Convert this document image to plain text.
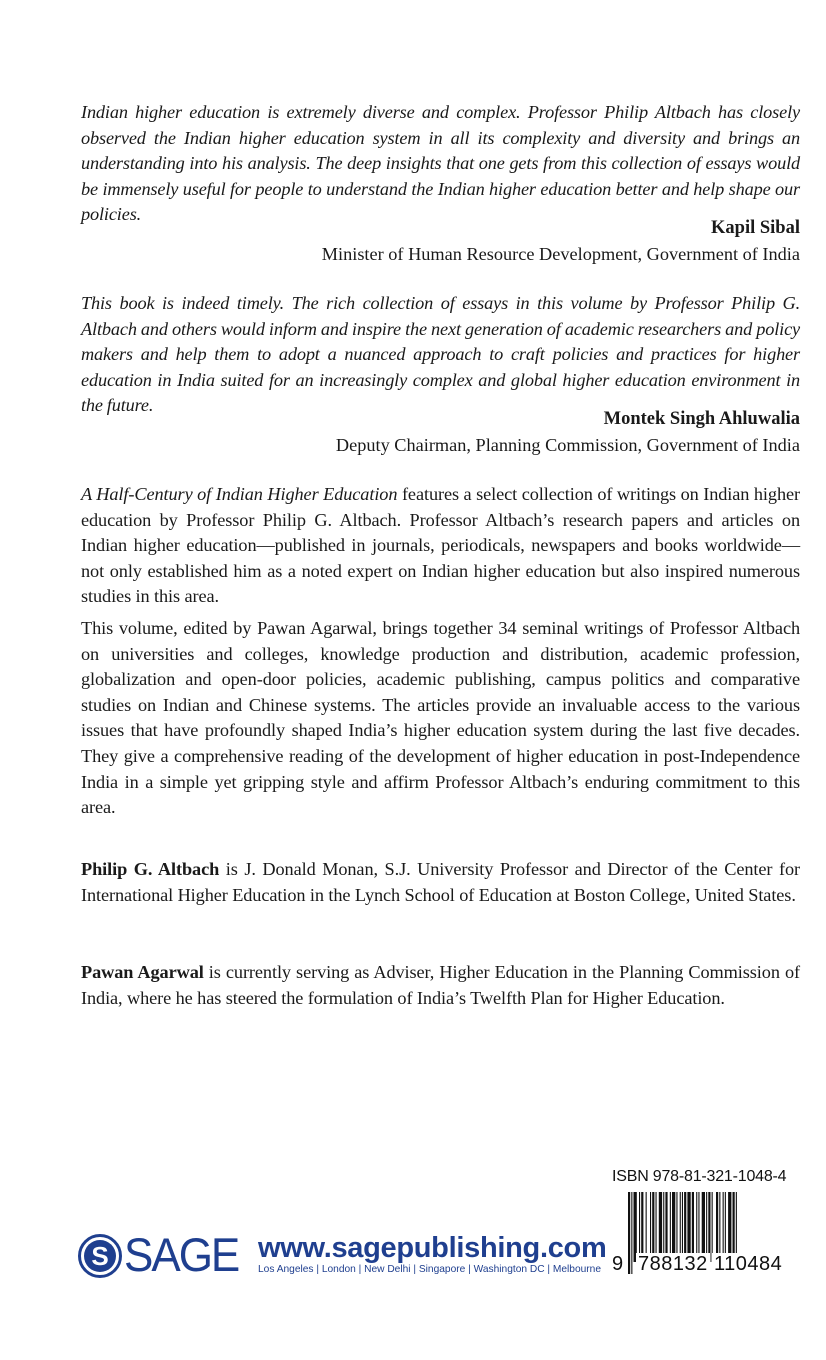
Indian higher education is extremely diverse and complex. Professor Philip Altbach has closely observed the Indian higher education system in all its complexity and diversity and brings an understanding into his analysis. The deep insights that one gets from this collection of essays would be immensely useful for people to understand the Indian higher education better and help shape our policies.

Kapil Sibal

Minister of Human Resource Development, Government of India

This book is indeed timely. The rich collection of essays in this volume by Professor Philip G. Altbach and others would inform and inspire the next generation of academic researchers and policy makers and help them to adopt a nuanced approach to craft policies and practices for higher education in India suited for an increasingly complex and global higher education environment in the future.

Montek Singh Ahluwalia

Deputy Chairman, Planning Commission, Government of India

A Half-Century of Indian Higher Education features a select collection of writings on Indian higher education by Professor Philip G. Altbach. Professor Altbach’s research papers and articles on Indian higher education—published in journals, periodicals, newspapers and books worldwide—not only established him as a noted expert on Indian higher education but also inspired numerous studies in this area.

This volume, edited by Pawan Agarwal, brings together 34 seminal writings of Professor Altbach on universities and colleges, knowledge production and distribution, academic profession, globalization and open-door policies, academic publishing, campus politics and comparative studies on Indian and Chinese systems. The articles provide an invaluable access to the various issues that have profoundly shaped India’s higher education system during the last five decades. They give a comprehensive reading of the development of higher education in post-Independence India in a simple yet gripping style and affirm Professor Altbach’s enduring commitment to this area.

Philip G. Altbach is J. Donald Monan, S.J. University Professor and Director of the Center for International Higher Education in the Lynch School of Education at Boston College, United States.

Pawan Agarwal is currently serving as Adviser, Higher Education in the Planning Commission of India, where he has steered the formulation of India’s Twelfth Plan for Higher Education.

S SAGE www.sagepublishing.com
Los Angeles | London | New Delhi | Singapore | Washington DC | Melbourne
ISBN 978-81-321-1048-4
9 788132 110484
